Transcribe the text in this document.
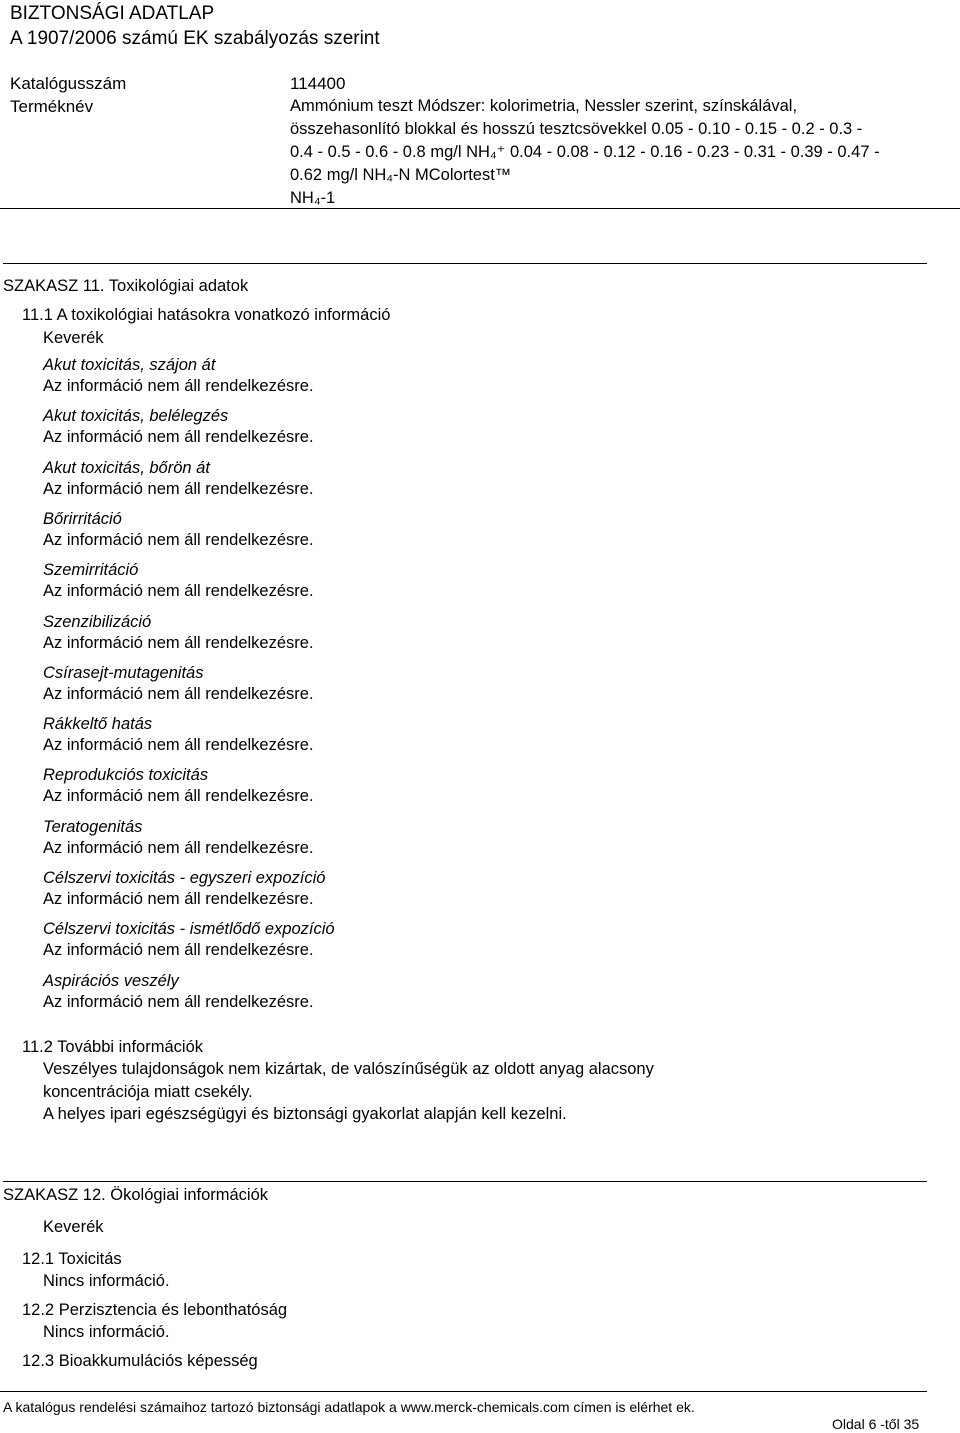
BIZTONSÁGI ADATLAP
A 1907/2006 számú EK szabályozás szerint
Katalógusszám	114400
Terméknév	Ammónium teszt Módszer: kolorimetria, Nessler szerint, színskálával,
összehasonlító blokkal és hosszú tesztcsövekkel 0.05 - 0.10 - 0.15 - 0.2 - 0.3 -
0.4 - 0.5 - 0.6 - 0.8 mg/l NH₄⁺ 0.04 - 0.08 - 0.12 - 0.16 - 0.23 - 0.31 - 0.39 - 0.47 -
0.62 mg/l NH₄-N MColortest™
NH₄-1
SZAKASZ 11. Toxikológiai adatok
11.1 A toxikológiai hatásokra vonatkozó információ
Keverék
Akut toxicitás, szájon át
Az információ nem áll rendelkezésre.
Akut toxicitás, belélegzés
Az információ nem áll rendelkezésre.
Akut toxicitás, bőrön át
Az információ nem áll rendelkezésre.
Bőrirritáció
Az információ nem áll rendelkezésre.
Szemirritáció
Az információ nem áll rendelkezésre.
Szenzibilizáció
Az információ nem áll rendelkezésre.
Csírasejt-mutagenitás
Az információ nem áll rendelkezésre.
Rákkeltő hatás
Az információ nem áll rendelkezésre.
Reprodukciós toxicitás
Az információ nem áll rendelkezésre.
Teratogenitás
Az információ nem áll rendelkezésre.
Célszervi toxicitás - egyszeri expozíció
Az információ nem áll rendelkezésre.
Célszervi toxicitás - ismétlődő expozíció
Az információ nem áll rendelkezésre.
Aspirációs veszély
Az információ nem áll rendelkezésre.
11.2 További információk
Veszélyes tulajdonságok nem kizártak, de valószínűségük az oldott anyag alacsony
koncentrációja miatt csekély.
A helyes ipari egészségügyi és biztonsági gyakorlat alapján kell kezelni.
SZAKASZ 12. Ökológiai információk
Keverék
12.1 Toxicitás
Nincs információ.
12.2 Perzisztencia és lebonthatóság
Nincs információ.
12.3 Bioakkumulációs képesség
A katalógus rendelési számaihoz tartozó biztonsági adatlapok a www.merck-chemicals.com címen is elérhet ek.
Oldal 6 -től 35
